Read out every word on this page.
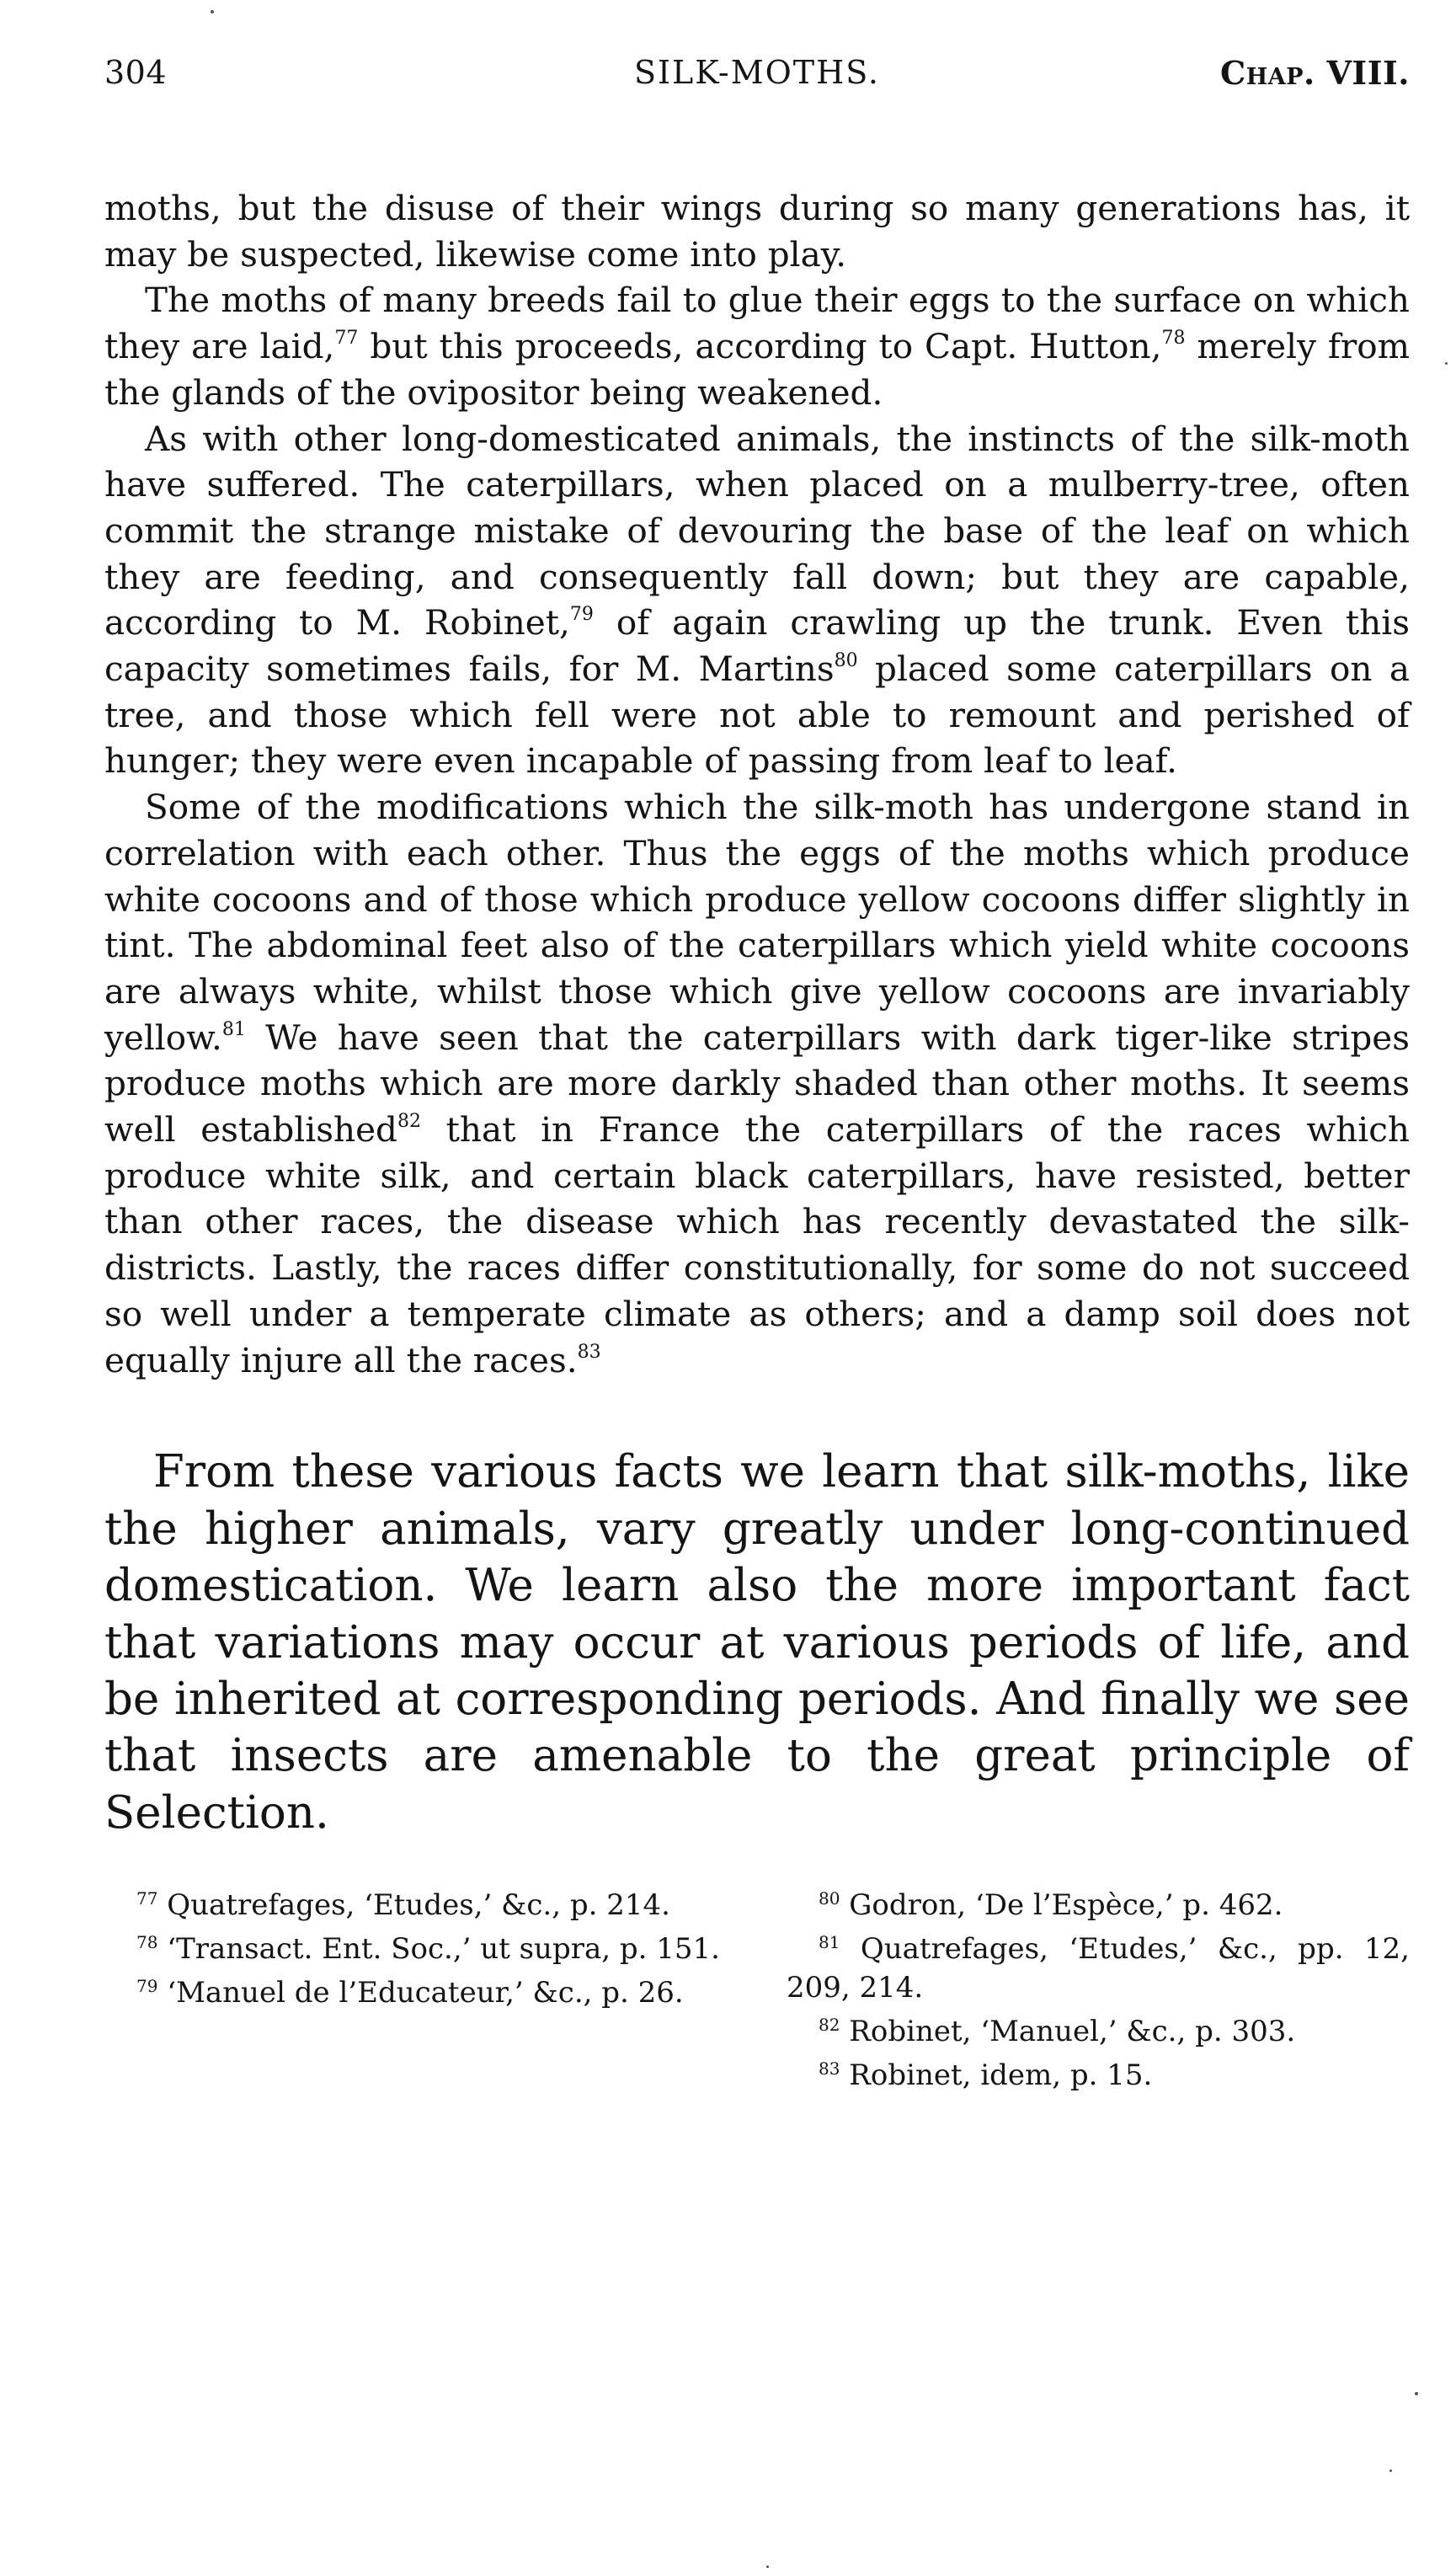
304	SILK-MOTHS.	Chap. VIII.

moths, but the disuse of their wings during so many generations has, it may be suspected, likewise come into play.

The moths of many breeds fail to glue their eggs to the surface on which they are laid,$^{77}$ but this proceeds, according to Capt. Hutton,$^{78}$ merely from the glands of the ovipositor being weakened.

As with other long-domesticated animals, the instincts of the silk-moth have suffered. The caterpillars, when placed on a mulberry-tree, often commit the strange mistake of devouring the base of the leaf on which they are feeding, and consequently fall down; but they are capable, according to M. Robinet,$^{79}$ of again crawling up the trunk. Even this capacity sometimes fails, for M. Martins$^{80}$ placed some caterpillars on a tree, and those which fell were not able to remount and perished of hunger; they were even incapable of passing from leaf to leaf.

Some of the modifications which the silk-moth has undergone stand in correlation with each other. Thus the eggs of the moths which produce white cocoons and of those which produce yellow cocoons differ slightly in tint. The abdominal feet also of the caterpillars which yield white cocoons are always white, whilst those which give yellow cocoons are invariably yellow.$^{81}$ We have seen that the caterpillars with dark tiger-like stripes produce moths which are more darkly shaded than other moths. It seems well established$^{82}$ that in France the caterpillars of the races which produce white silk, and certain black caterpillars, have resisted, better than other races, the disease which has recently devastated the silk-districts. Lastly, the races differ constitutionally, for some do not succeed so well under a temperate climate as others; and a damp soil does not equally injure all the races.$^{83}$

From these various facts we learn that silk-moths, like the higher animals, vary greatly under long-continued domestication. We learn also the more important fact that variations may occur at various periods of life, and be inherited at corresponding periods. And finally we see that insects are amenable to the great principle of Selection.

$^{77}$ Quatrefages, ‘Etudes,’ &c., p. 214.

$^{78}$ ‘Transact. Ent. Soc.,’ ut supra, p. 151.

$^{79}$ ‘Manuel de l’Educateur,’ &c., p. 26.

$^{80}$ Godron, ‘De l’Espèce,’ p. 462.

$^{81}$ Quatrefages, ‘Etudes,’ &c., pp. 12, 209, 214.

$^{82}$ Robinet, ‘Manuel,’ &c., p. 303.

$^{83}$ Robinet, idem, p. 15.
